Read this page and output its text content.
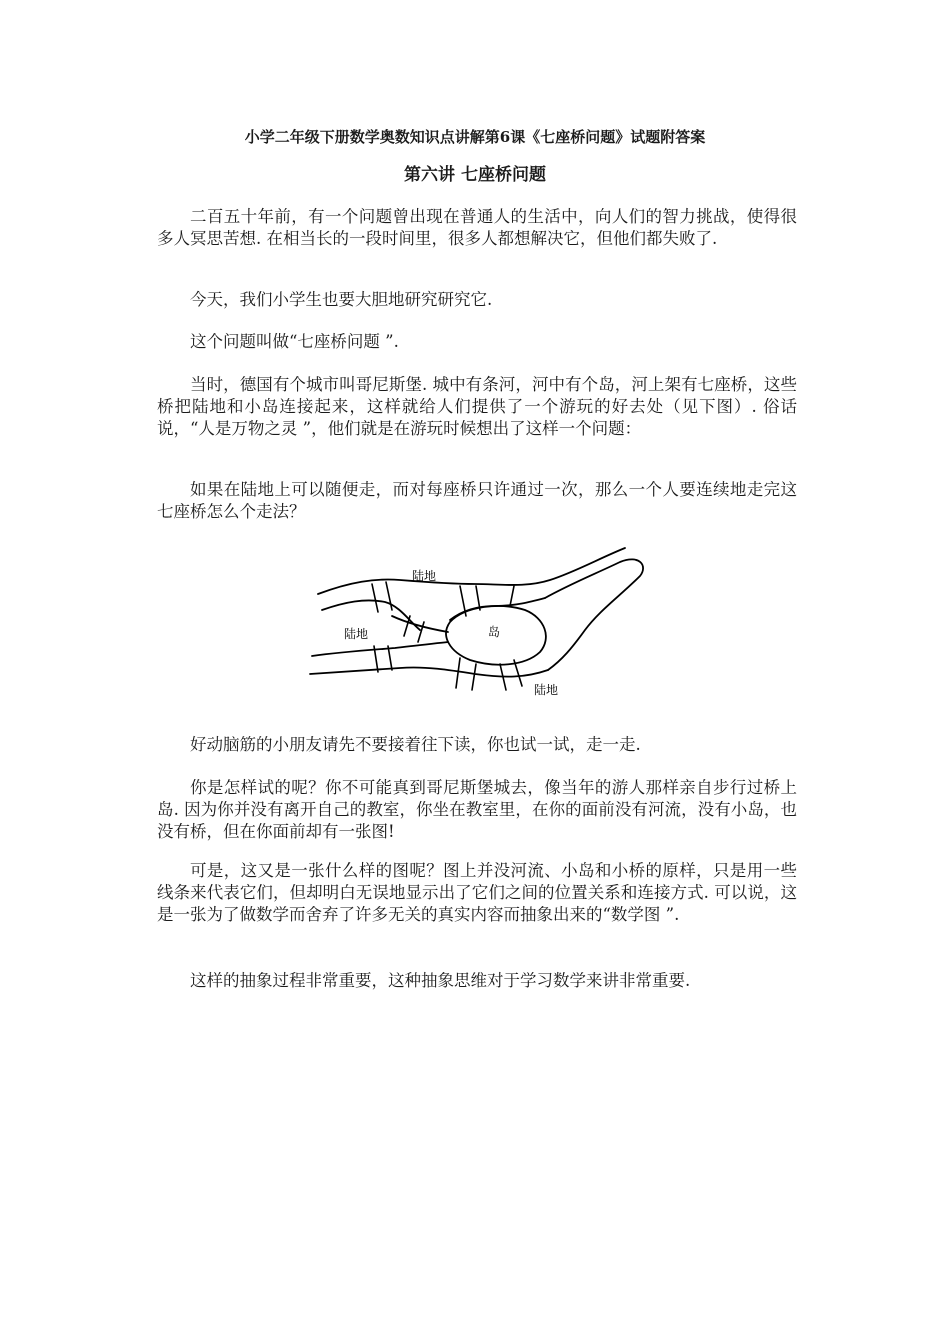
小学二年级下册数学奥数知识点讲解第6课《七座桥问题》试题附答案
第六讲 七座桥问题

二百五十年前，有一个问题曾出现在普通人的生活中，向人们的智力挑战，使得很多人冥思苦想. 在相当长的一段时间里，很多人都想解决它，但他们都失败了.

今天，我们小学生也要大胆地研究研究它.

这个问题叫做“七座桥问题 ”.

当时，德国有个城市叫哥尼斯堡. 城中有条河，河中有个岛，河上架有七座桥，这些桥把陆地和小岛连接起来，这样就给人们提供了一个游玩的好去处（见下图）. 俗话说，“人是万物之灵 ”，他们就是在游玩时候想出了这样一个问题：

如果在陆地上可以随便走，而对每座桥只许通过一次，那么一个人要连续地走完这七座桥怎么个走法？

陆地
陆地	岛
陆地

好动脑筋的小朋友请先不要接着往下读，你也试一试，走一走.

你是怎样试的呢？你不可能真到哥尼斯堡城去，像当年的游人那样亲自步行过桥上岛. 因为你并没有离开自己的教室，你坐在教室里，在你的面前没有河流，没有小岛，也没有桥，但在你面前却有一张图!

可是，这又是一张什么样的图呢？图上并没河流、小岛和小桥的原样，只是用一些线条来代表它们，但却明白无误地显示出了它们之间的位置关系和连接方式. 可以说，这是一张为了做数学而舍弃了许多无关的真实内容而抽象出来的“数学图 ”.

这样的抽象过程非常重要，这种抽象思维对于学习数学来讲非常重要.
